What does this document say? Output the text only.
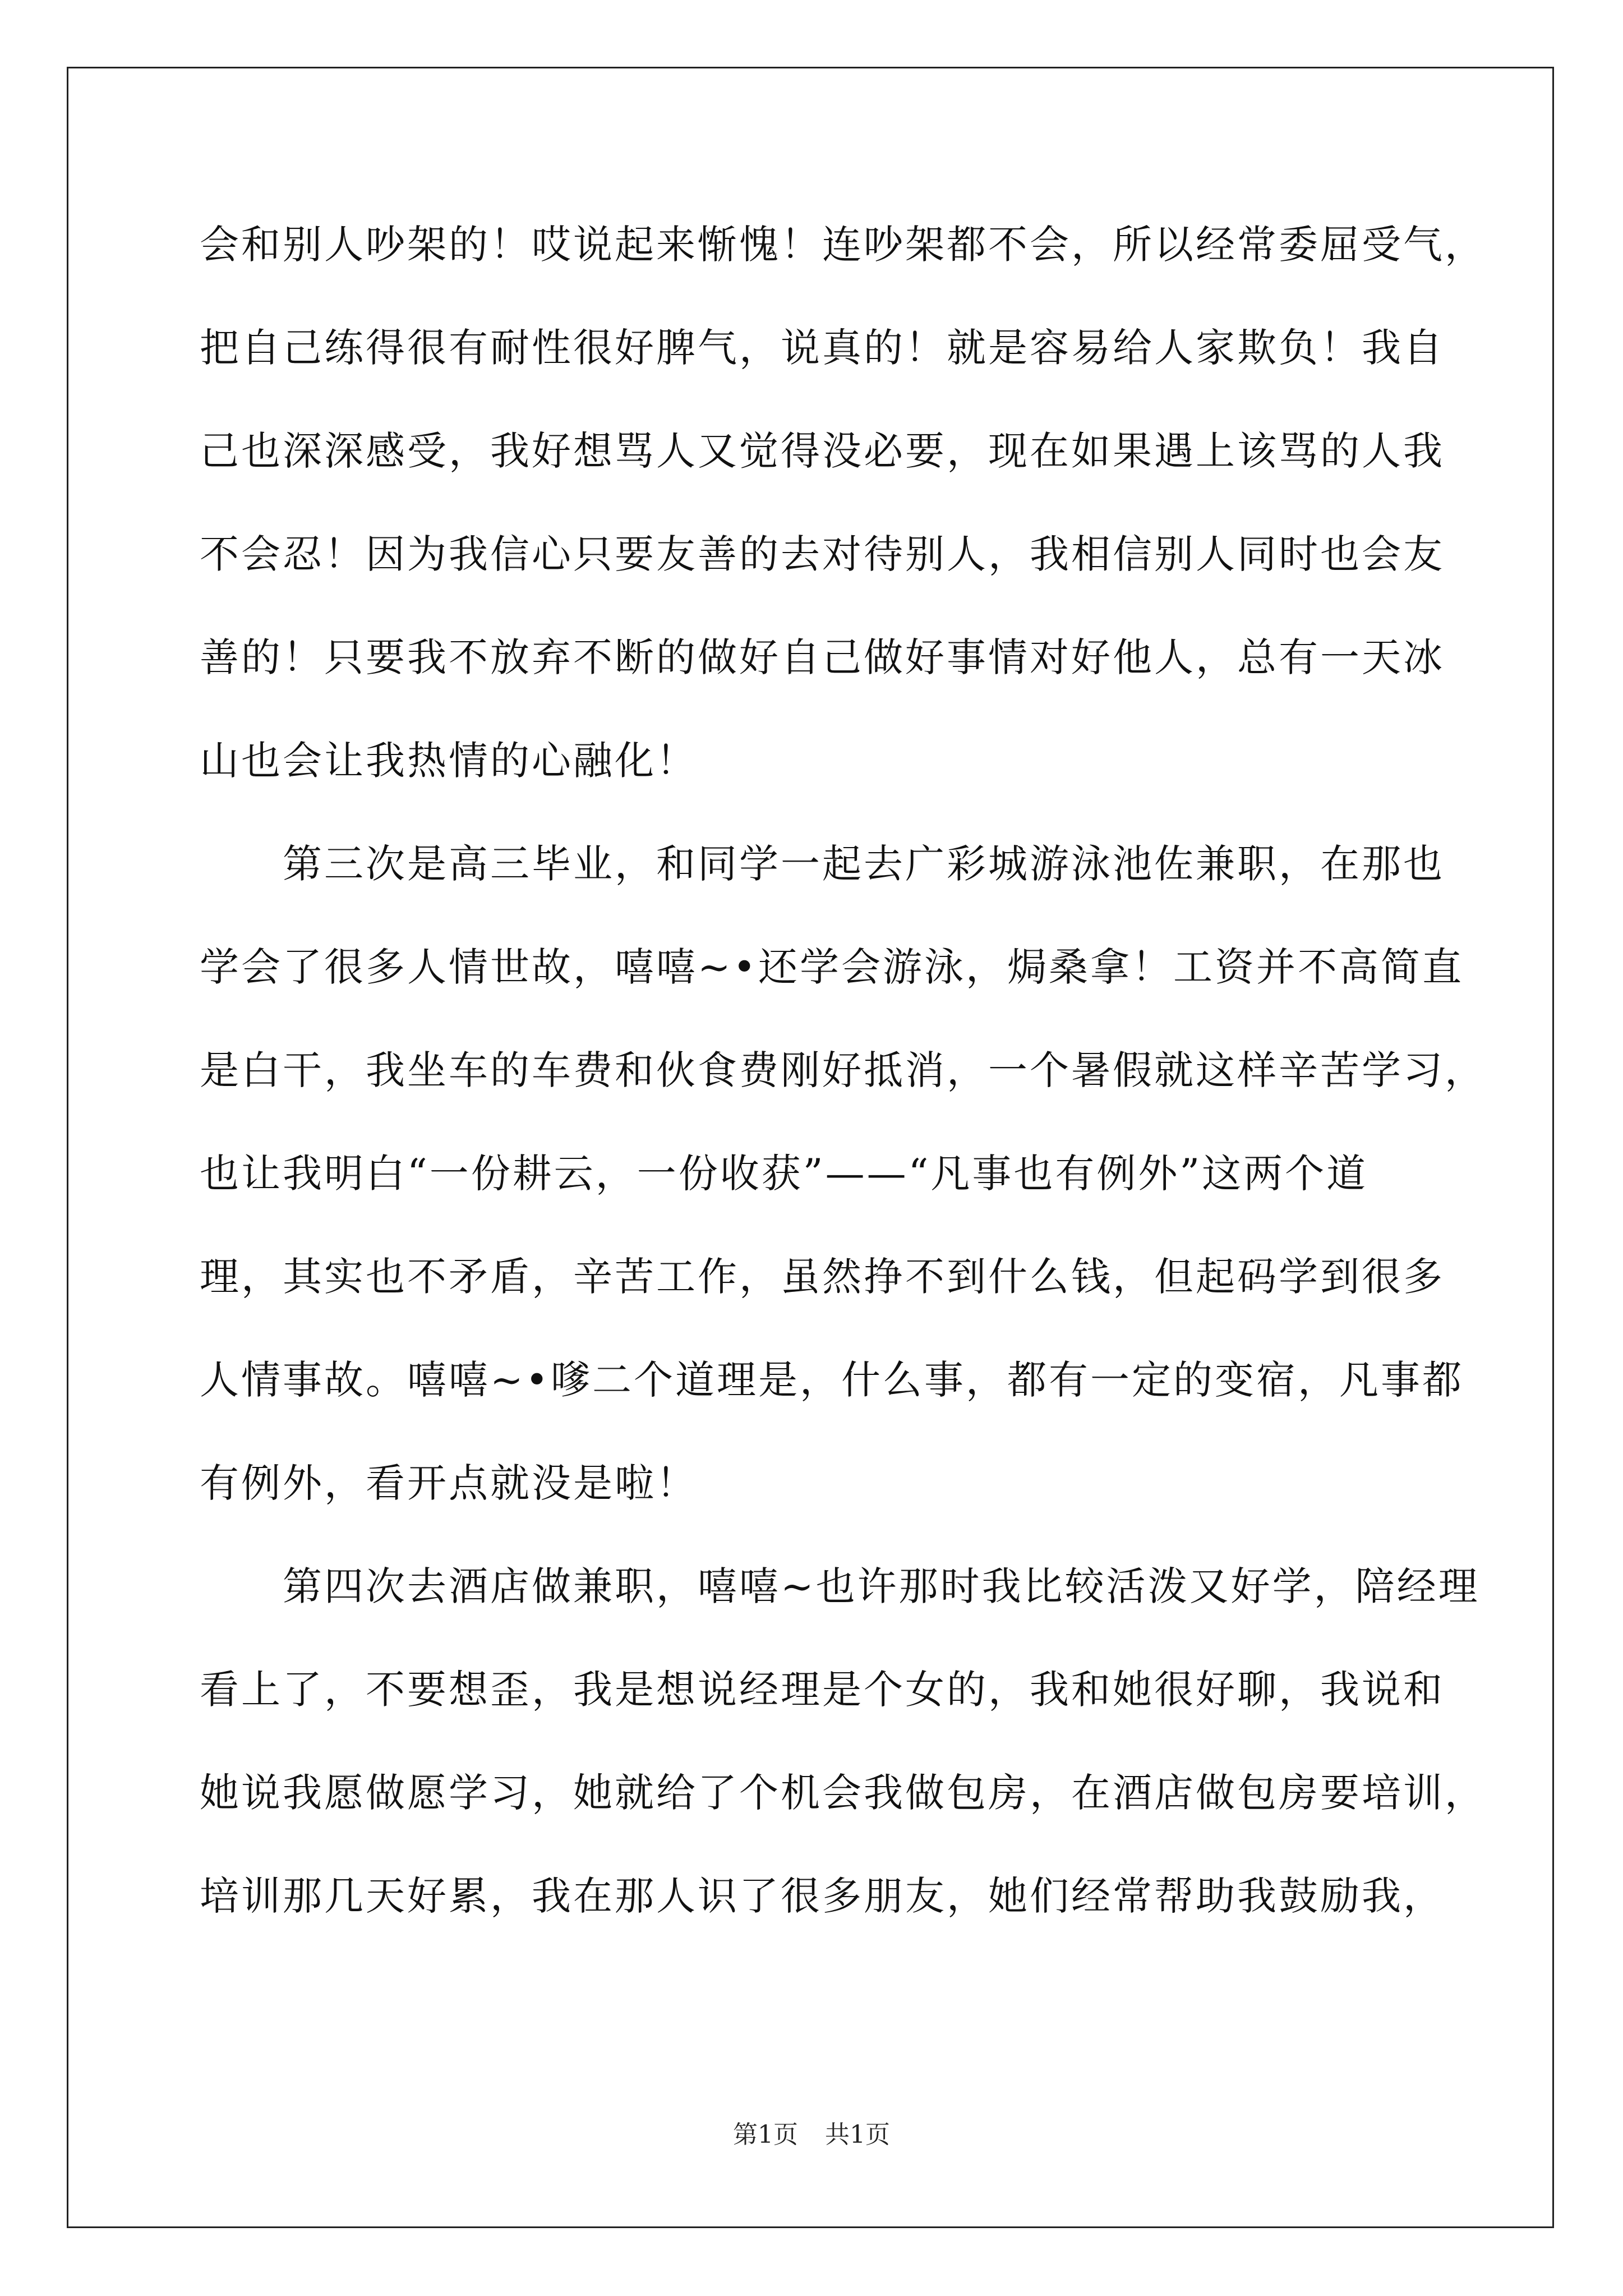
会和别人吵架的！哎说起来惭愧！连吵架都不会，所以经常委屈受气，
把自己练得很有耐性很好脾气，说真的！就是容易给人家欺负！我自
己也深深感受，我好想骂人又觉得没必要，现在如果遇上该骂的人我
不会忍！因为我信心只要友善的去对待别人，我相信别人同时也会友
善的！只要我不放弃不断的做好自己做好事情对好他人，总有一天冰
山也会让我热情的心融化！
　　第三次是高三毕业，和同学一起去广彩城游泳池佐兼职，在那也
学会了很多人情世故，嘻嘻~•还学会游泳，焗桑拿！工资并不高简直
是白干，我坐车的车费和伙食费刚好抵消，一个暑假就这样辛苦学习，
也让我明白“一份耕云，一份收获”——“凡事也有例外”这两个道
理，其实也不矛盾，辛苦工作，虽然挣不到什么钱，但起码学到很多
人情事故。嘻嘻~•嗲二个道理是，什么事，都有一定的变宿，凡事都
有例外，看开点就没是啦！
　　第四次去酒店做兼职，嘻嘻~也许那时我比较活泼又好学，陪经理
看上了，不要想歪，我是想说经理是个女的，我和她很好聊，我说和
她说我愿做愿学习，她就给了个机会我做包房，在酒店做包房要培训，
培训那几天好累，我在那人识了很多朋友，她们经常帮助我鼓励我，
第1页 共1页
